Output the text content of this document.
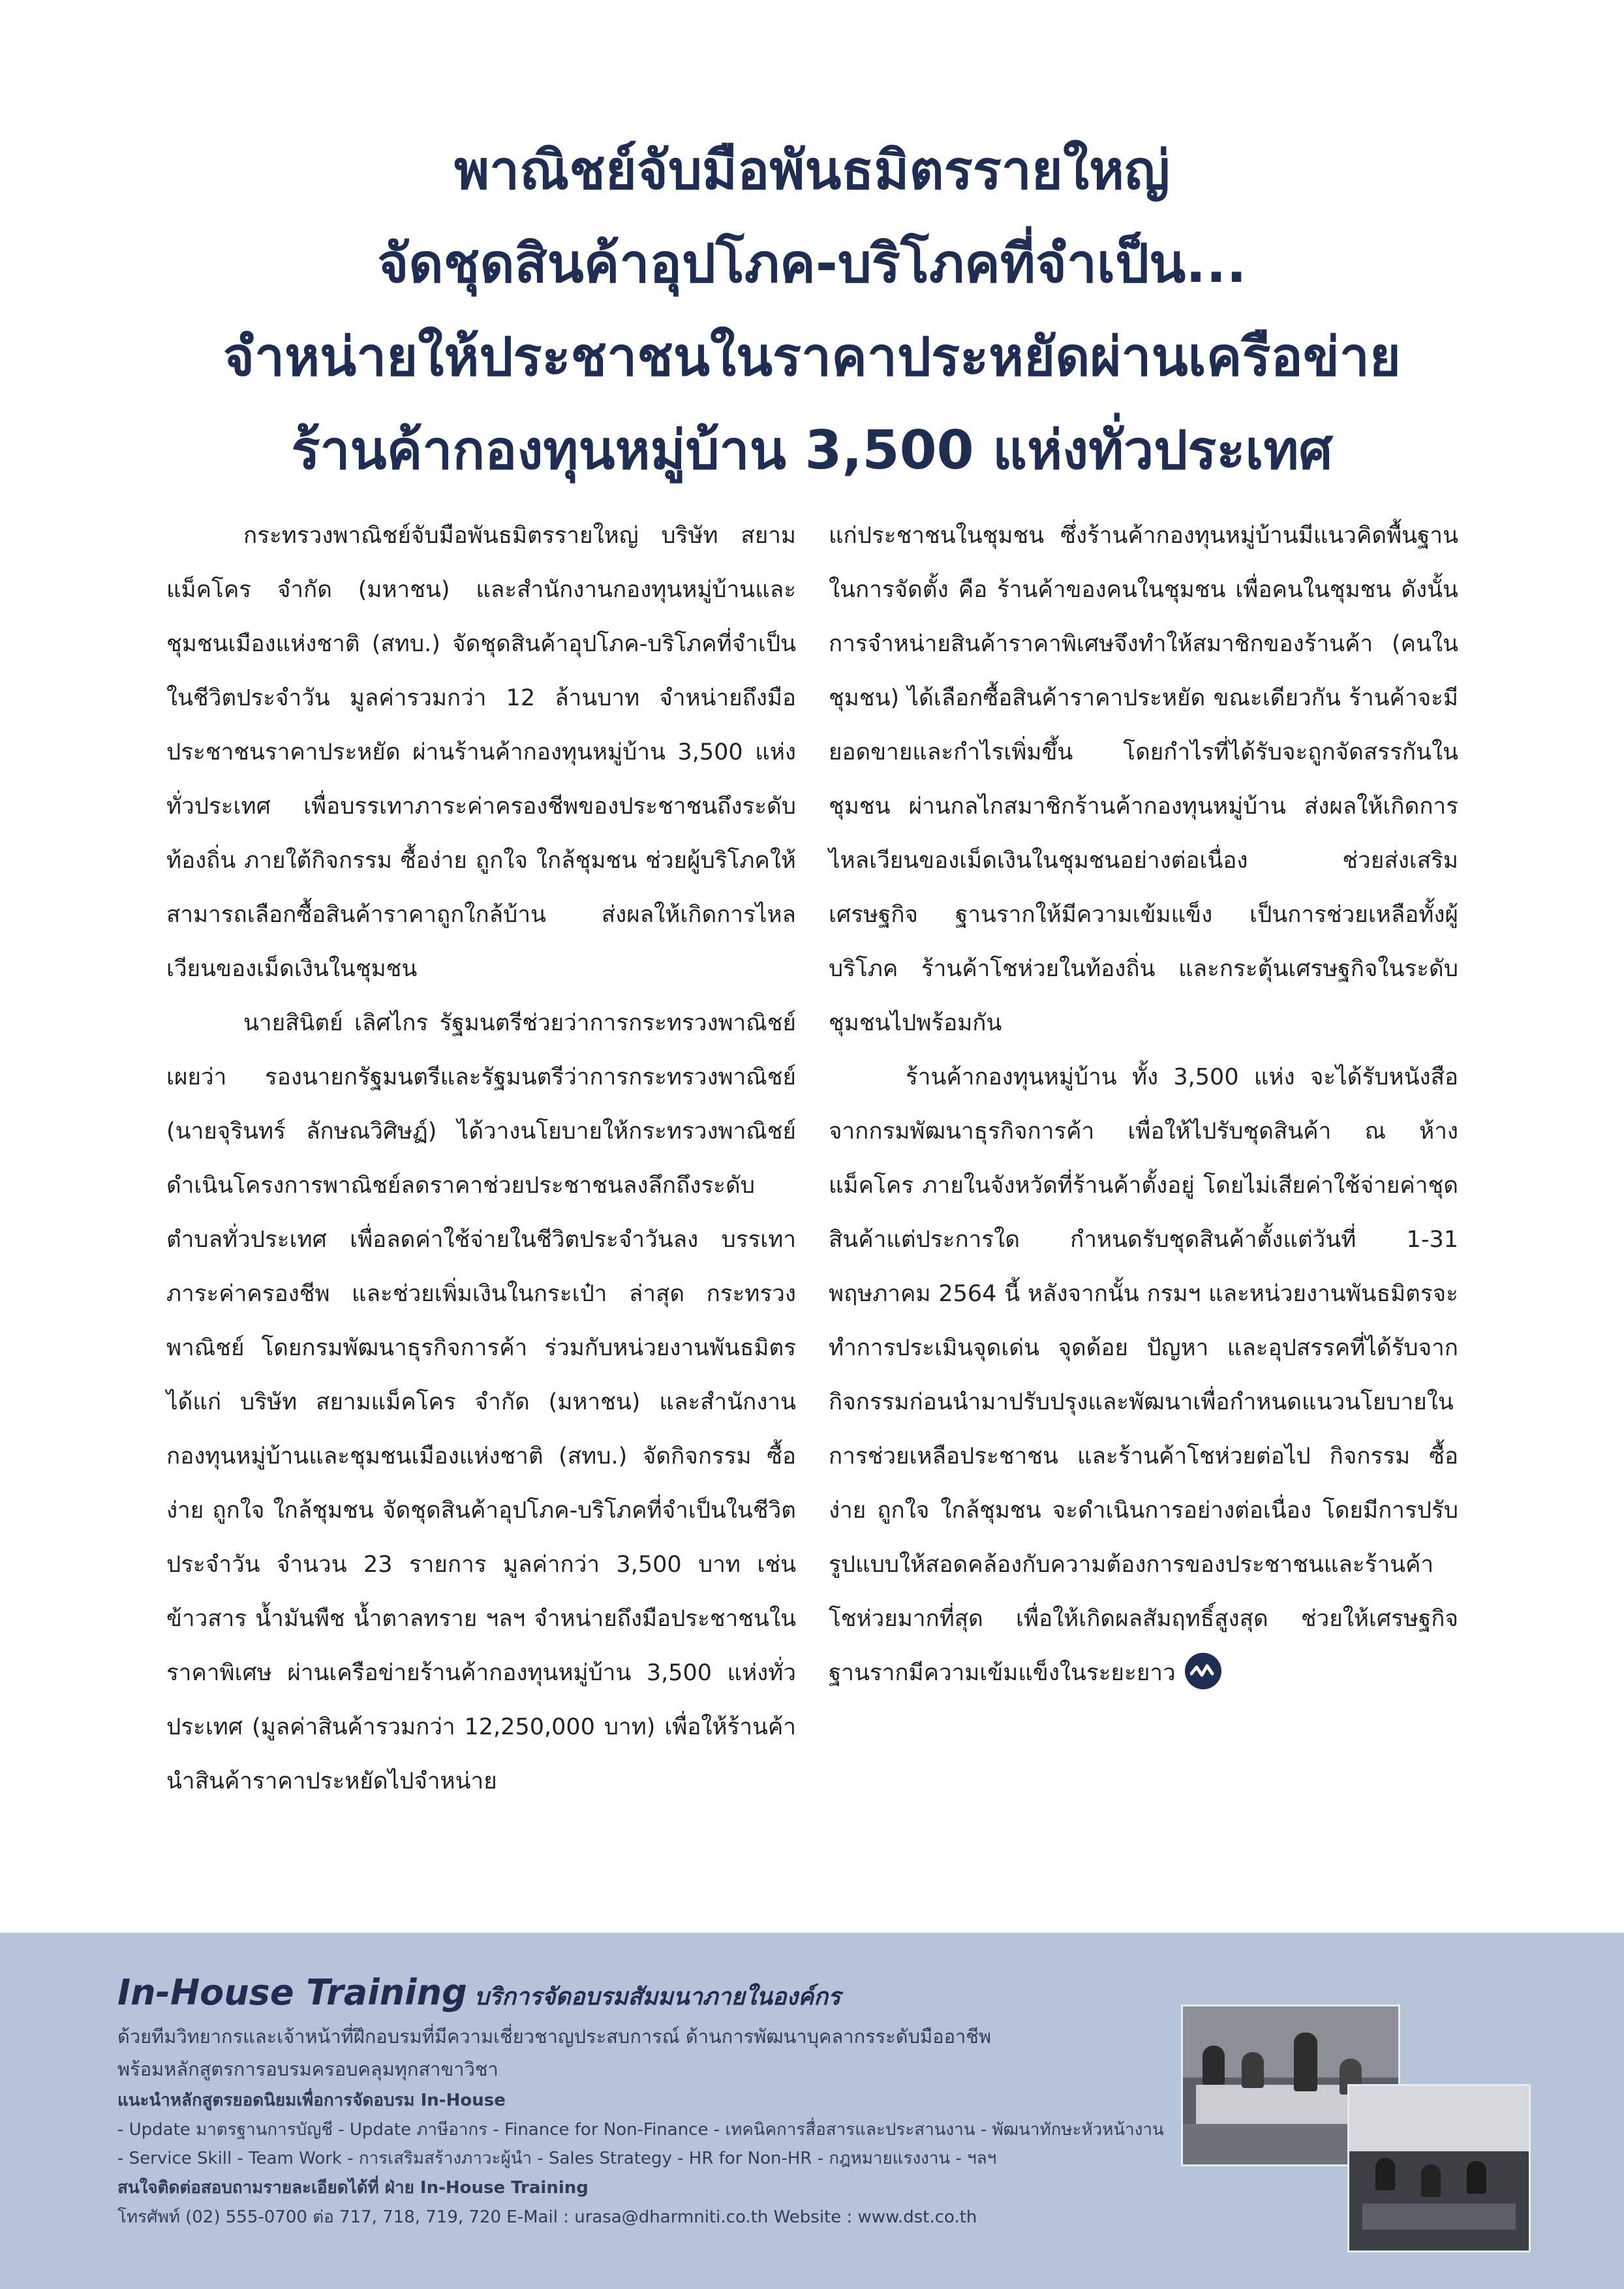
พาณิชย์จับมือพันธมิตรรายใหญ่
จัดชุดสินค้าอุปโภค-บริโภคที่จำเป็น...
จำหน่ายให้ประชาชนในราคาประหยัดผ่านเครือข่าย
ร้านค้ากองทุนหมู่บ้าน 3,500 แห่งทั่วประเทศ

กระทรวงพาณิชย์จับมือพันธมิตรรายใหญ่ บริษัท สยามแม็คโคร จำกัด (มหาชน) และสำนักงานกองทุนหมู่บ้านและชุมชนเมืองแห่งชาติ (สทบ.) จัดชุดสินค้าอุปโภค-บริโภคที่จำเป็นในชีวิตประจำวัน มูลค่ารวมกว่า 12 ล้านบาท จำหน่ายถึงมือประชาชนราคาประหยัด ผ่านร้านค้ากองทุนหมู่บ้าน 3,500 แห่ง ทั่วประเทศ เพื่อบรรเทาภาระค่าครองชีพของประชาชนถึงระดับท้องถิ่น ภายใต้กิจกรรม ซื้อง่าย ถูกใจ ใกล้ชุมชน ช่วยผู้บริโภคให้สามารถเลือกซื้อสินค้าราคาถูกใกล้บ้าน ส่งผลให้เกิดการไหลเวียนของเม็ดเงินในชุมชน

นายสินิตย์ เลิศไกร รัฐมนตรีช่วยว่าการกระทรวงพาณิชย์ เผยว่า รองนายกรัฐมนตรีและรัฐมนตรีว่าการกระทรวงพาณิชย์ (นายจุรินทร์ ลักษณวิศิษฏ์) ได้วางนโยบายให้กระทรวงพาณิชย์ดำเนินโครงการพาณิชย์ลดราคาช่วยประชาชนลงลึกถึงระดับตำบลทั่วประเทศ เพื่อลดค่าใช้จ่ายในชีวิตประจำวันลง บรรเทาภาระค่าครองชีพ และช่วยเพิ่มเงินในกระเป๋า ล่าสุด กระทรวงพาณิชย์ โดยกรมพัฒนาธุรกิจการค้า ร่วมกับหน่วยงานพันธมิตร ได้แก่ บริษัท สยามแม็คโคร จำกัด (มหาชน) และสำนักงานกองทุนหมู่บ้านและชุมชนเมืองแห่งชาติ (สทบ.) จัดกิจกรรม ซื้อง่าย ถูกใจ ใกล้ชุมชน จัดชุดสินค้าอุปโภค-บริโภคที่จำเป็นในชีวิตประจำวัน จำนวน 23 รายการ มูลค่ากว่า 3,500 บาท เช่น ข้าวสาร น้ำมันพืช น้ำตาลทราย ฯลฯ จำหน่ายถึงมือประชาชนในราคาพิเศษ ผ่านเครือข่ายร้านค้ากองทุนหมู่บ้าน 3,500 แห่งทั่วประเทศ (มูลค่าสินค้ารวมกว่า 12,250,000 บาท) เพื่อให้ร้านค้านำสินค้าราคาประหยัดไปจำหน่าย

แก่ประชาชนในชุมชน ซึ่งร้านค้ากองทุนหมู่บ้านมีแนวคิดพื้นฐานในการจัดตั้ง คือ ร้านค้าของคนในชุมชน เพื่อคนในชุมชน ดังนั้น การจำหน่ายสินค้าราคาพิเศษจึงทำให้สมาชิกของร้านค้า (คนในชุมชน) ได้เลือกซื้อสินค้าราคาประหยัด ขณะเดียวกัน ร้านค้าจะมียอดขายและกำไรเพิ่มขึ้น โดยกำไรที่ได้รับจะถูกจัดสรรกันในชุมชน ผ่านกลไกสมาชิกร้านค้ากองทุนหมู่บ้าน ส่งผลให้เกิดการไหลเวียนของเม็ดเงินในชุมชนอย่างต่อเนื่อง ช่วยส่งเสริมเศรษฐกิจ ฐานรากให้มีความเข้มแข็ง เป็นการช่วยเหลือทั้งผู้บริโภค ร้านค้าโชห่วยในท้องถิ่น และกระตุ้นเศรษฐกิจในระดับชุมชนไปพร้อมกัน

ร้านค้ากองทุนหมู่บ้าน ทั้ง 3,500 แห่ง จะได้รับหนังสือจากกรมพัฒนาธุรกิจการค้า เพื่อให้ไปรับชุดสินค้า ณ ห้างแม็คโคร ภายในจังหวัดที่ร้านค้าตั้งอยู่ โดยไม่เสียค่าใช้จ่ายค่าชุดสินค้าแต่ประการใด กำหนดรับชุดสินค้าตั้งแต่วันที่ 1-31 พฤษภาคม 2564 นี้ หลังจากนั้น กรมฯ และหน่วยงานพันธมิตรจะทำการประเมินจุดเด่น จุดด้อย ปัญหา และอุปสรรคที่ได้รับจากกิจกรรมก่อนนำมาปรับปรุงและพัฒนาเพื่อกำหนดแนวนโยบายในการช่วยเหลือประชาชน และร้านค้าโชห่วยต่อไป กิจกรรม ซื้อง่าย ถูกใจ ใกล้ชุมชน จะดำเนินการอย่างต่อเนื่อง โดยมีการปรับรูปแบบให้สอดคล้องกับความต้องการของประชาชนและร้านค้าโชห่วยมากที่สุด เพื่อให้เกิดผลสัมฤทธิ์สูงสุด ช่วยให้เศรษฐกิจฐานรากมีความเข้มแข็งในระยะยาว

In-House Training บริการจัดอบรมสัมมนาภายในองค์กร
ด้วยทีมวิทยากรและเจ้าหน้าที่ฝึกอบรมที่มีความเชี่ยวชาญประสบการณ์ ด้านการพัฒนาบุคลากรระดับมืออาชีพ
พร้อมหลักสูตรการอบรมครอบคลุมทุกสาขาวิชา
แนะนำหลักสูตรยอดนิยมเพื่อการจัดอบรม In-House
- Update มาตรฐานการบัญชี - Update ภาษีอากร - Finance for Non-Finance - เทคนิคการสื่อสารและประสานงาน - พัฒนาทักษะหัวหน้างาน
- Service Skill - Team Work - การเสริมสร้างภาวะผู้นำ - Sales Strategy - HR for Non-HR - กฎหมายแรงงาน - ฯลฯ
สนใจติดต่อสอบถามรายละเอียดได้ที่ ฝ่าย In-House Training
โทรศัพท์ (02) 555-0700 ต่อ 717, 718, 719, 720 E-Mail : urasa@dharmniti.co.th Website : www.dst.co.th
